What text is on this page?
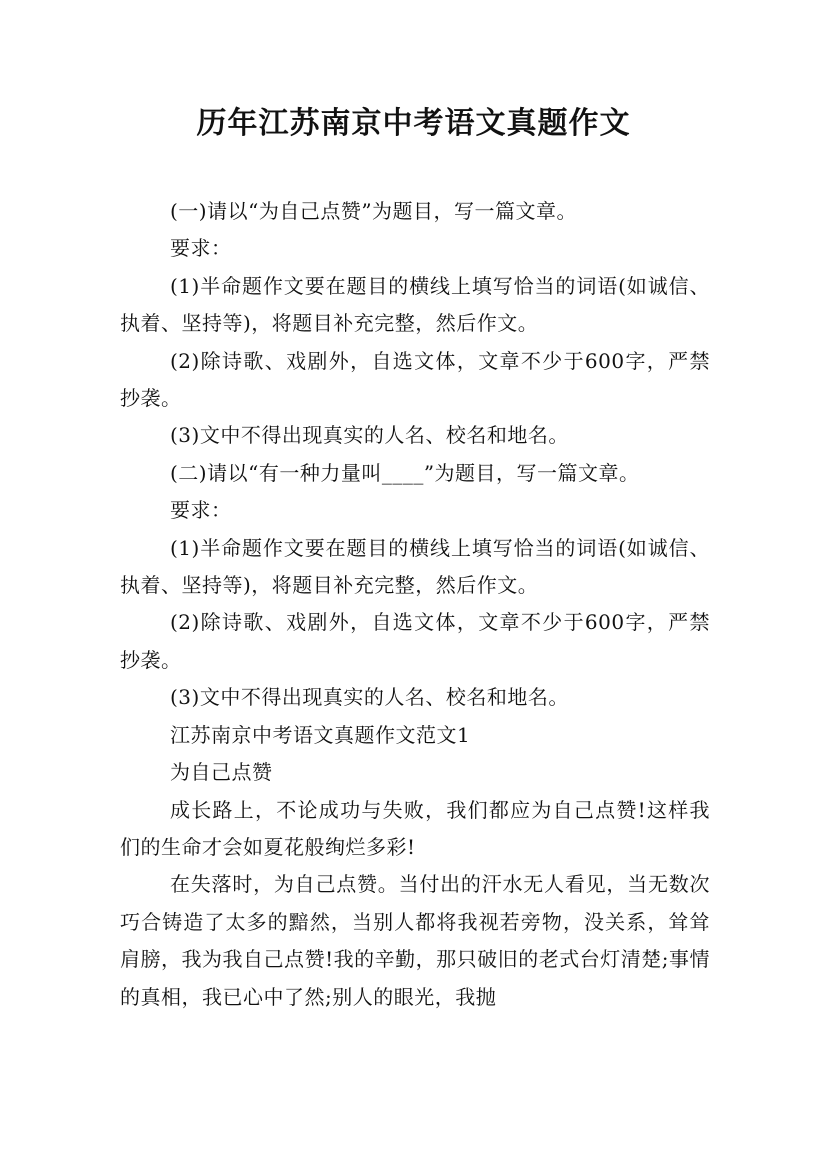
历年江苏南京中考语文真题作文

(一)请以“为自己点赞”为题目，写一篇文章。

要求：

(1)半命题作文要在题目的横线上填写恰当的词语(如诚信、执着、坚持等)，将题目补充完整，然后作文。

(2)除诗歌、戏剧外，自选文体，文章不少于600字，严禁抄袭。

(3)文中不得出现真实的人名、校名和地名。

(二)请以“有一种力量叫____”为题目，写一篇文章。

要求：

(1)半命题作文要在题目的横线上填写恰当的词语(如诚信、执着、坚持等)，将题目补充完整，然后作文。

(2)除诗歌、戏剧外，自选文体，文章不少于600字，严禁抄袭。

(3)文中不得出现真实的人名、校名和地名。

江苏南京中考语文真题作文范文1

为自己点赞

成长路上，不论成功与失败，我们都应为自己点赞!这样我们的生命才会如夏花般绚烂多彩!

在失落时，为自己点赞。当付出的汗水无人看见，当无数次巧合铸造了太多的黯然，当别人都将我视若旁物，没关系，耸耸肩膀，我为我自己点赞!我的辛勤，那只破旧的老式台灯清楚;事情的真相，我已心中了然;别人的眼光，我抛
